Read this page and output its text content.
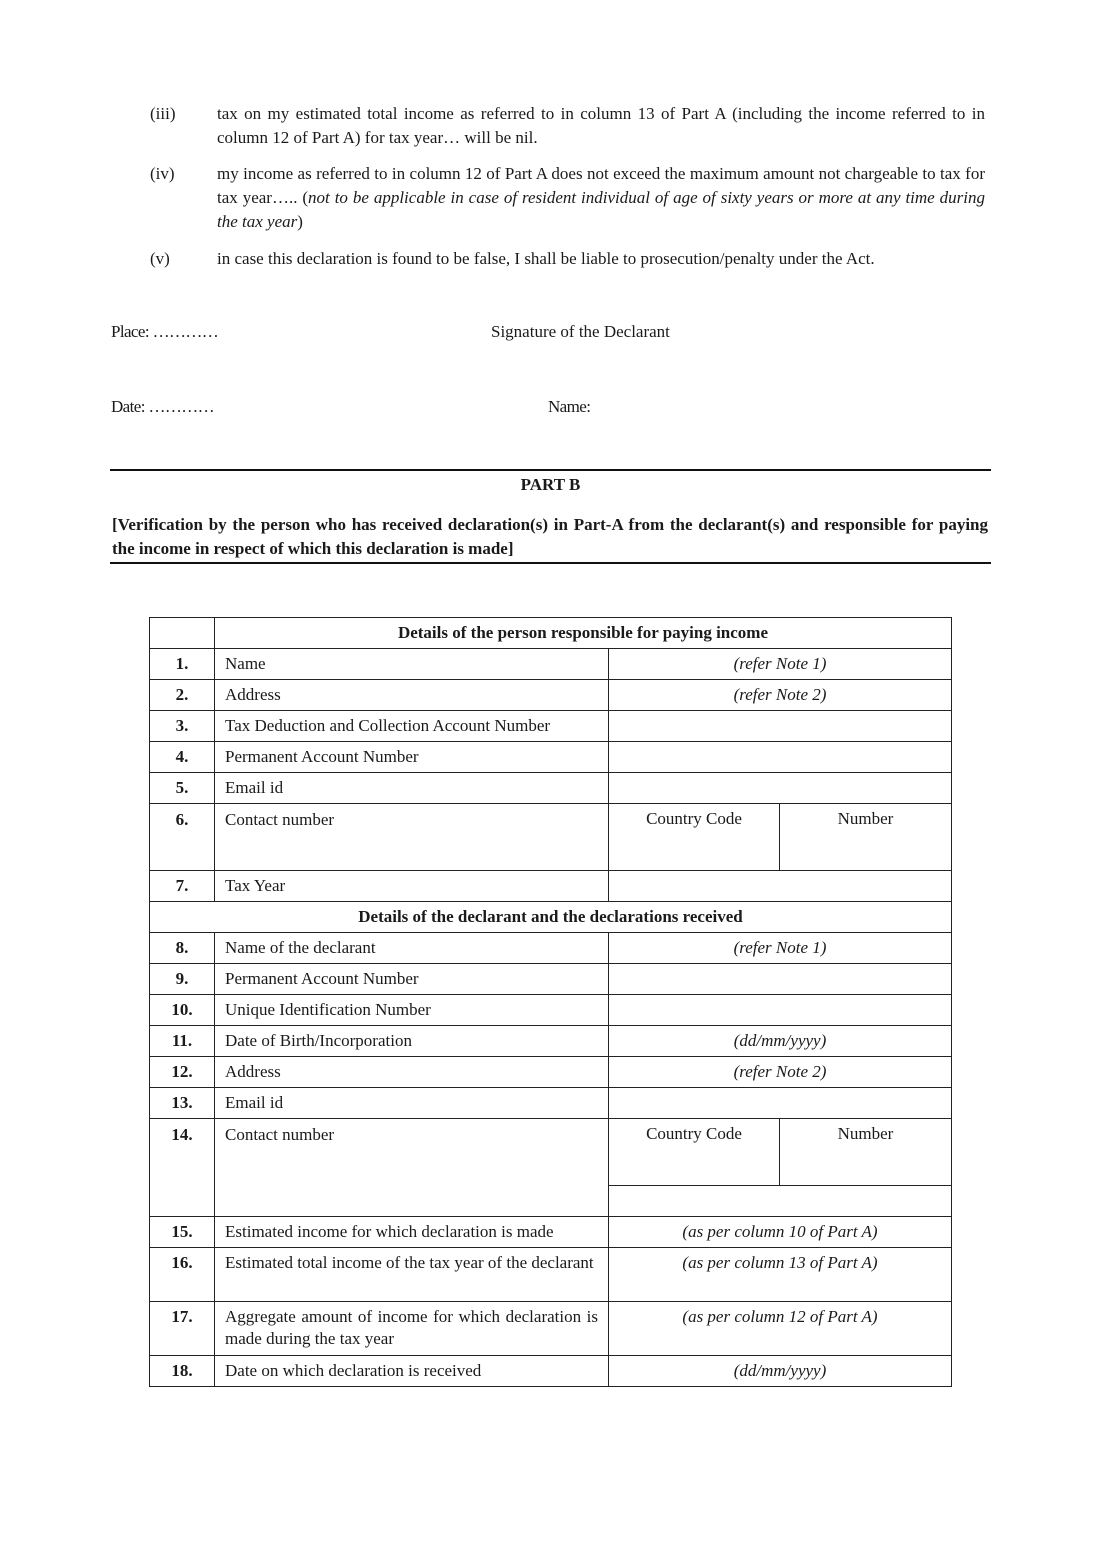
(iii)	tax on my estimated total income as referred to in column 13 of Part A (including the income referred to in column 12 of Part A) for tax year… will be nil.
(iv)	my income as referred to in column 12 of Part A does not exceed the maximum amount not chargeable to tax for tax year….. (not to be applicable in case of resident individual of age of sixty years or more at any time during the tax year)
(v)	in case this declaration is found to be false, I shall be liable to prosecution/penalty under the Act.
Place: …………	Signature of the Declarant
Date: …………	Name:
PART B
[Verification by the person who has received declaration(s) in Part-A from the declarant(s) and responsible for paying the income in respect of which this declaration is made]
	Details of the person responsible for paying income		
1.	Name	(refer Note 1)	
2.	Address	(refer Note 2)	
3.	Tax Deduction and Collection Account Number		
4.	Permanent Account Number		
5.	Email id		
6.	Contact number	Country Code	Number
7.	Tax Year		
Details of the declarant and the declarations received			
8.	Name of the declarant	(refer Note 1)	
9.	Permanent Account Number		
10.	Unique Identification Number		
11.	Date of Birth/Incorporation	(dd/mm/yyyy)	
12.	Address	(refer Note 2)	
13.	Email id		
14.	Contact number	Country Code	Number

15.	Estimated income for which declaration is made	(as per column 10 of Part A)	
16.	Estimated total income of the tax year of the declarant	(as per column 13 of Part A)	
17.	Aggregate amount of income for which declaration is made during the tax year	(as per column 12 of Part A)	
18.	Date on which declaration is received	(dd/mm/yyyy)	
